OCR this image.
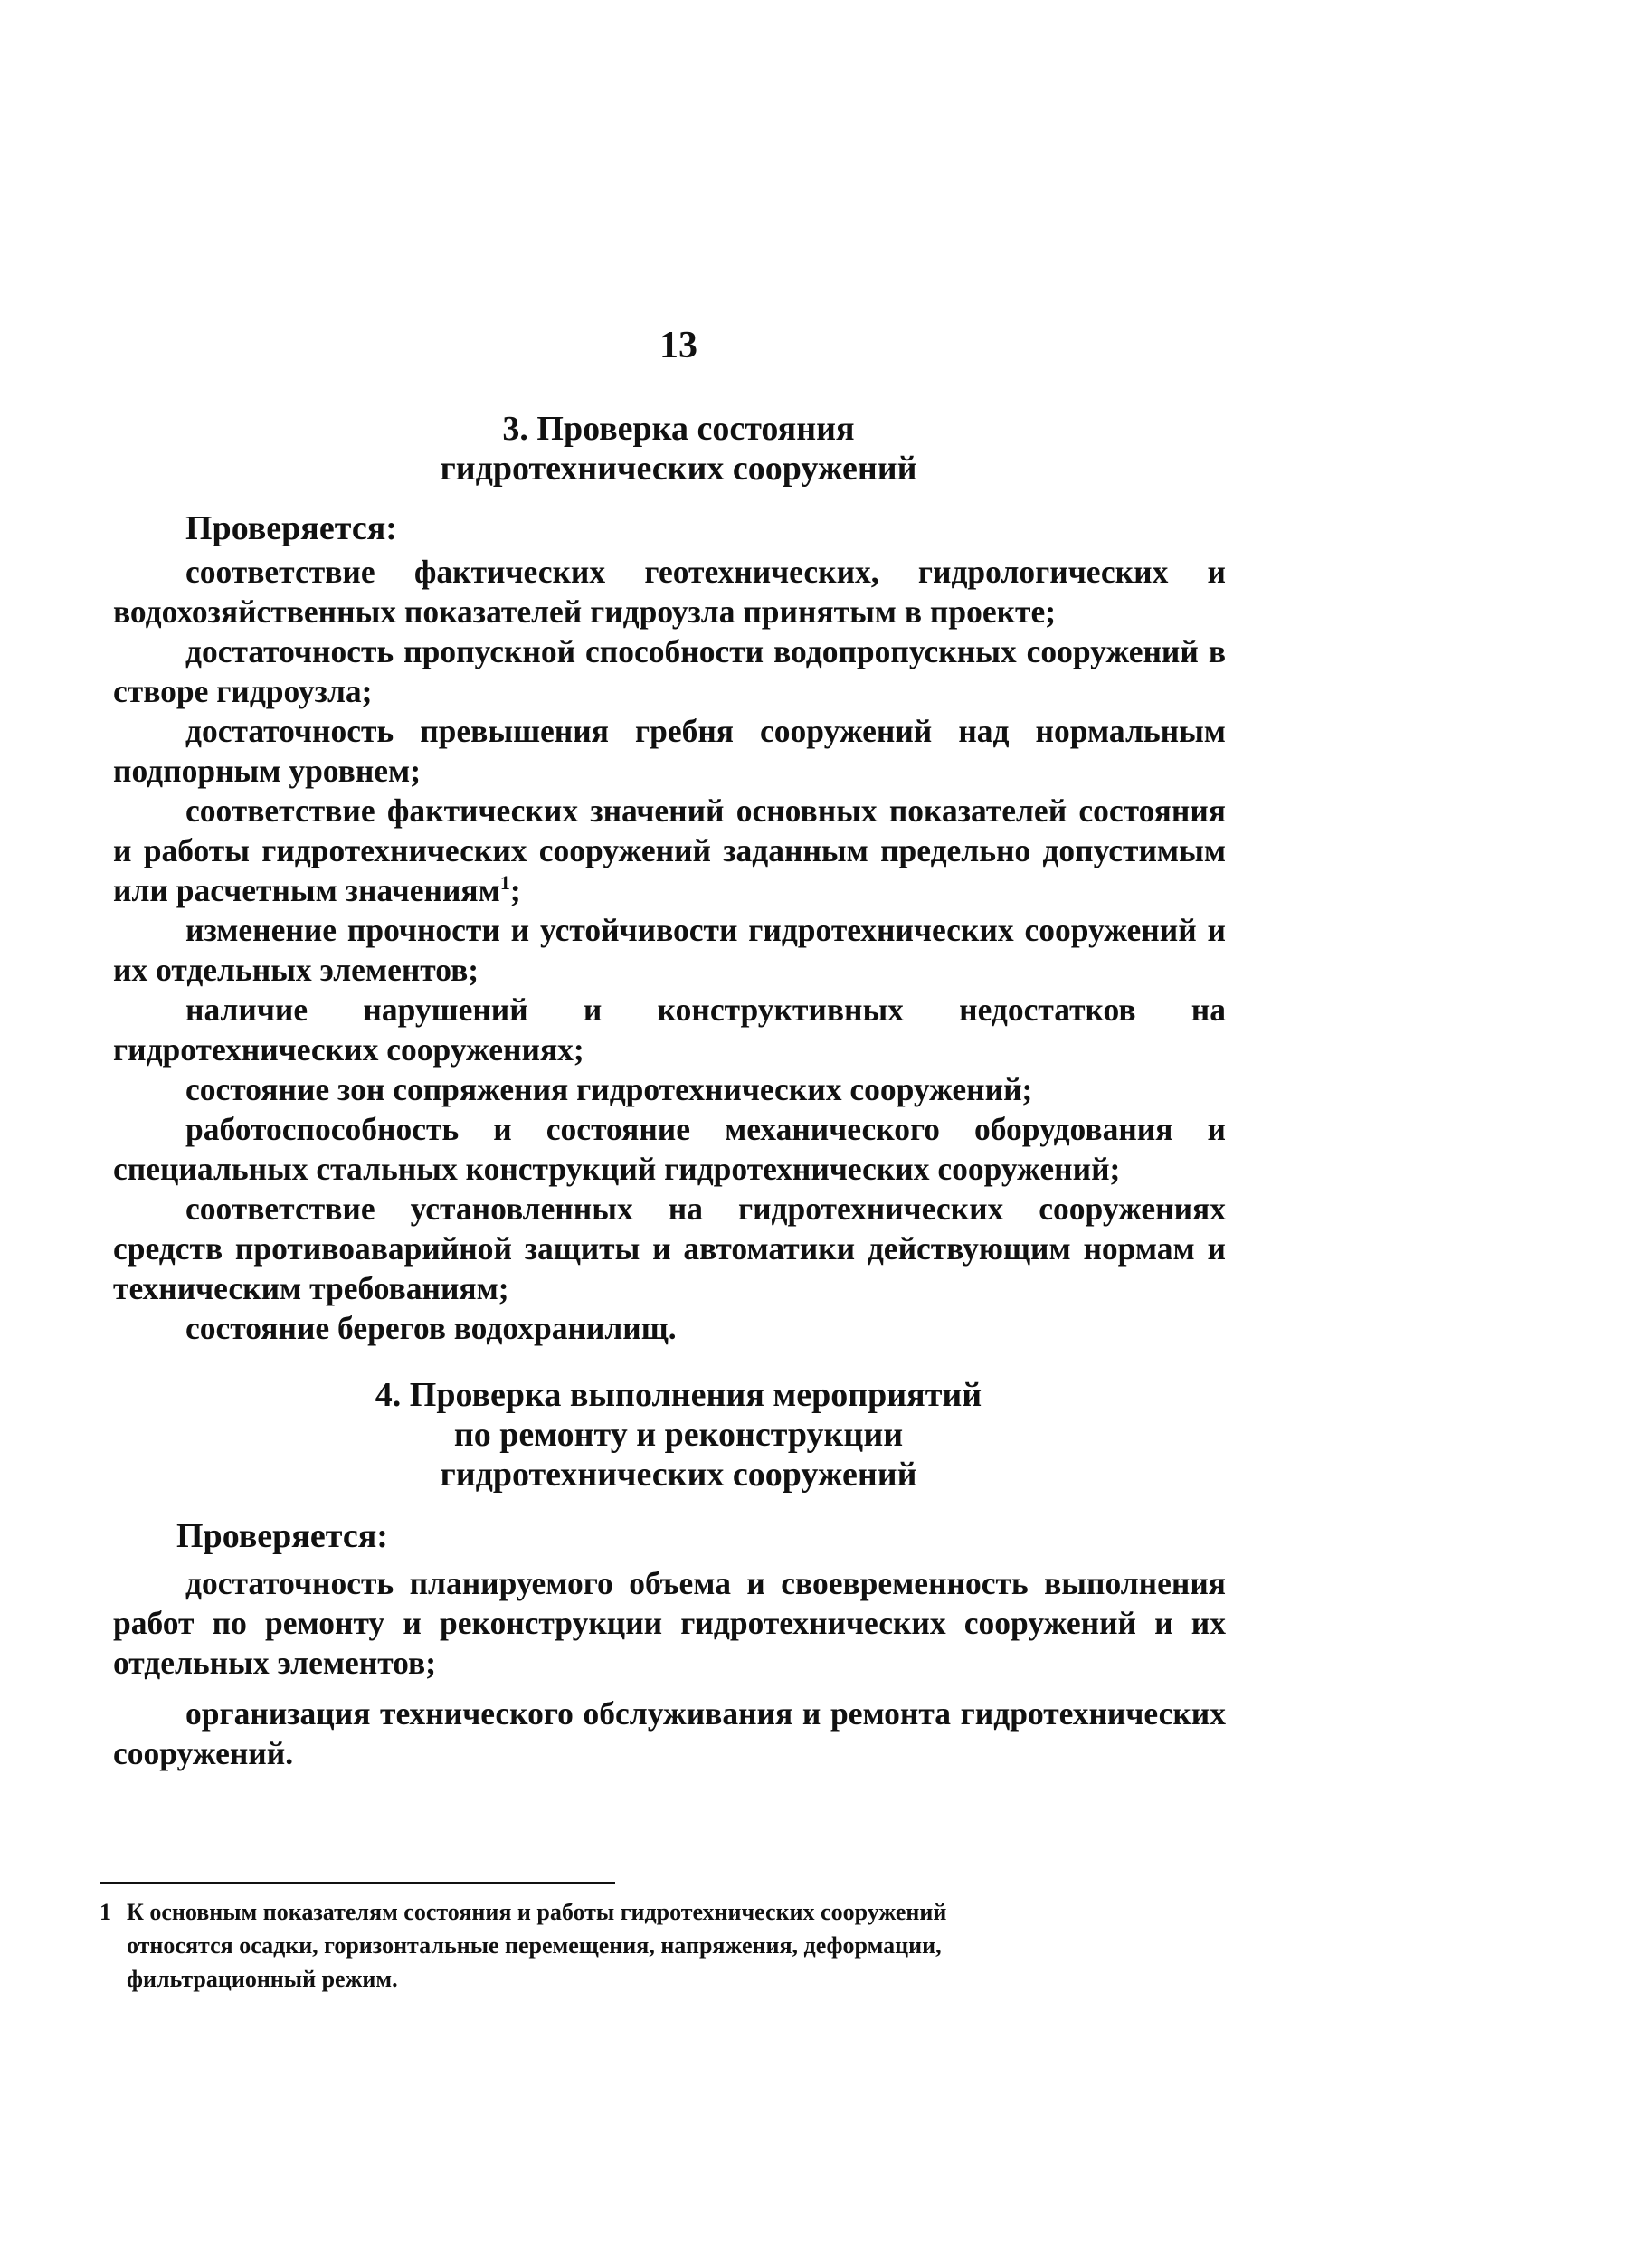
13
3. Проверка состояния
гидротехнических сооружений
Проверяется:
соответствие фактических геотехнических, гидрологических и водохозяйственных показателей гидроузла принятым в проекте;
достаточность пропускной способности водопропускных сооружений в створе гидроузла;
достаточность превышения гребня сооружений над нормальным подпорным уровнем;
соответствие фактических значений основных показателей состояния и работы гидротехнических сооружений заданным предельно допустимым или расчетным значениям$^1$;
изменение прочности и устойчивости гидротехнических сооружений и их отдельных элементов;
наличие нарушений и конструктивных недостатков на гидротехнических сооружениях;
состояние зон сопряжения гидротехнических сооружений;
работоспособность и состояние механического оборудования и специальных стальных конструкций гидротехнических сооружений;
соответствие установленных на гидротехнических сооружениях средств противоаварийной защиты и автоматики действующим нормам и техническим требованиям;
состояние берегов водохранилищ.
4. Проверка выполнения мероприятий
по ремонту и реконструкции
гидротехнических сооружений
Проверяется:
достаточность планируемого объема и своевременность выполнения работ по ремонту и реконструкции гидротехнических сооружений и их отдельных элементов;
организация технического обслуживания и ремонта гидротехнических сооружений.
1 К основным показателям состояния и работы гидротехнических сооружений
относятся осадки, горизонтальные перемещения, напряжения, деформации,
фильтрационный режим.
